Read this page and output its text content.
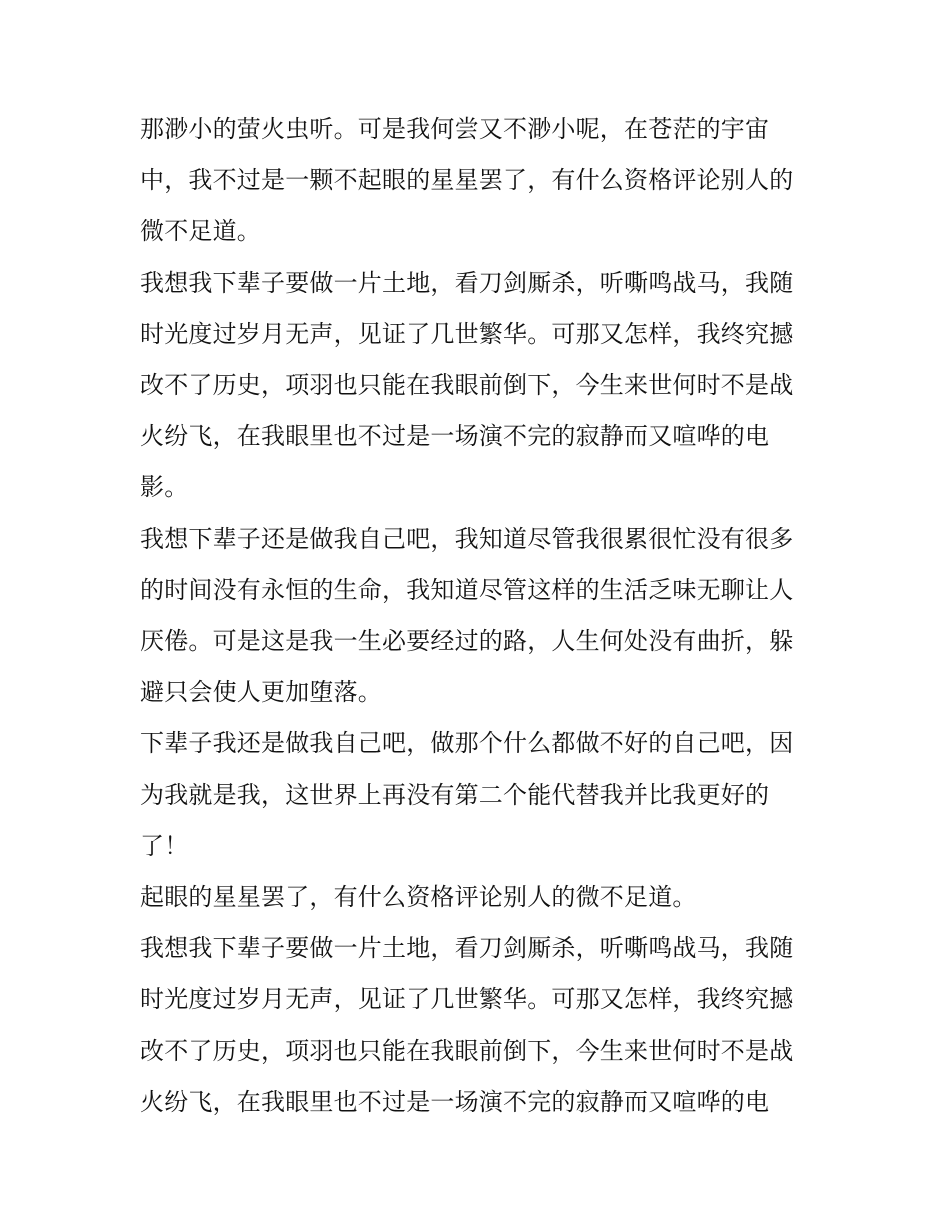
那渺小的萤火虫听。可是我何尝又不渺小呢，在苍茫的宇宙中，我不过是一颗不起眼的星星罢了，有什么资格评论别人的微不足道。

我想我下辈子要做一片土地，看刀剑厮杀，听嘶鸣战马，我随时光度过岁月无声，见证了几世繁华。可那又怎样，我终究撼改不了历史，项羽也只能在我眼前倒下，今生来世何时不是战火纷飞，在我眼里也不过是一场演不完的寂静而又喧哗的电影。

我想下辈子还是做我自己吧，我知道尽管我很累很忙没有很多的时间没有永恒的生命，我知道尽管这样的生活乏味无聊让人厌倦。可是这是我一生必要经过的路，人生何处没有曲折，躲避只会使人更加堕落。

下辈子我还是做我自己吧，做那个什么都做不好的自己吧，因为我就是我，这世界上再没有第二个能代替我并比我更好的了！

起眼的星星罢了，有什么资格评论别人的微不足道。

我想我下辈子要做一片土地，看刀剑厮杀，听嘶鸣战马，我随时光度过岁月无声，见证了几世繁华。可那又怎样，我终究撼改不了历史，项羽也只能在我眼前倒下，今生来世何时不是战火纷飞，在我眼里也不过是一场演不完的寂静而又喧哗的电
